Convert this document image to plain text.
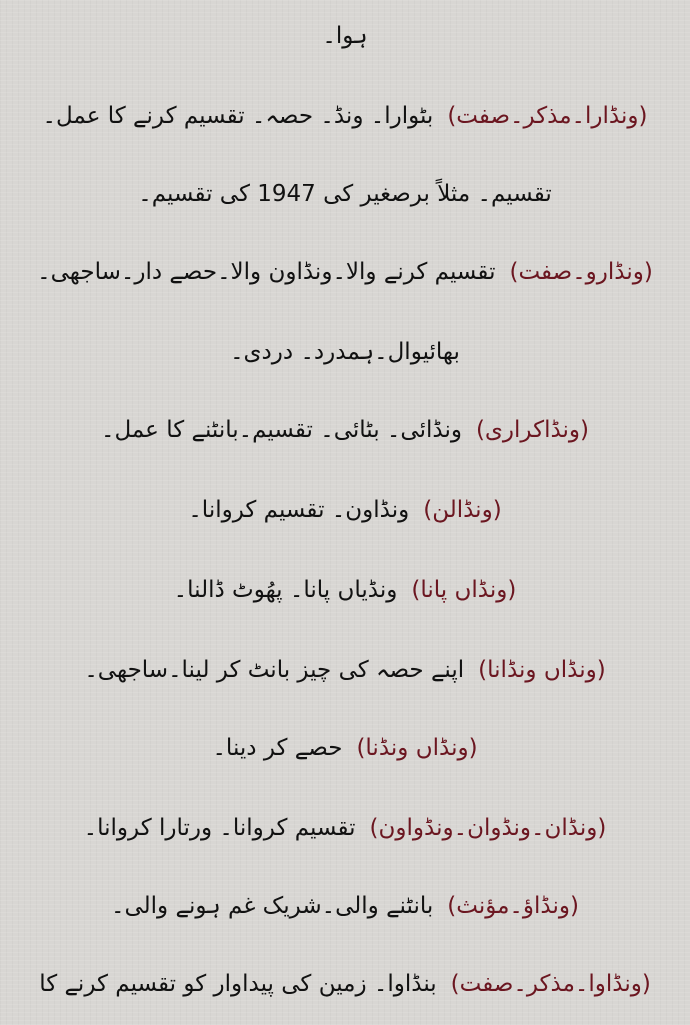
ہوا۔
(ونڈارا۔مذکر۔صفت)بٹوارا۔ ونڈ۔ حصہ۔ تقسیم کرنے کا عمل۔
تقسیم۔ مثلاً برصغیر کی 1947 کی تقسیم۔
(ونڈارو۔صفت)تقسیم کرنے والا۔ونڈاون والا۔حصے دار۔ساجھی۔
بھائیوال۔ہمدرد۔ دردی۔
(ونڈاکراری)ونڈائی۔ بٹائی۔ تقسیم۔بانٹنے کا عمل۔
(ونڈالن)ونڈاون۔ تقسیم کروانا۔
(ونڈاں پانا)ونڈیاں پانا۔ پھُوٹ ڈالنا۔
(ونڈاں ونڈانا)اپنے حصہ کی چیز بانٹ کر لینا۔ساجھی۔
(ونڈاں ونڈنا)حصے کر دینا۔
(ونڈان۔ونڈوان۔ونڈواون)تقسیم کروانا۔ ورتارا کروانا۔
(ونڈاؤ۔مؤنث)بانٹنے والی۔شریک غم ہونے والی۔
(ونڈاوا۔مذکر۔صفت)بنڈاوا۔ زمین کی پیداوار کو تقسیم کرنے کا
